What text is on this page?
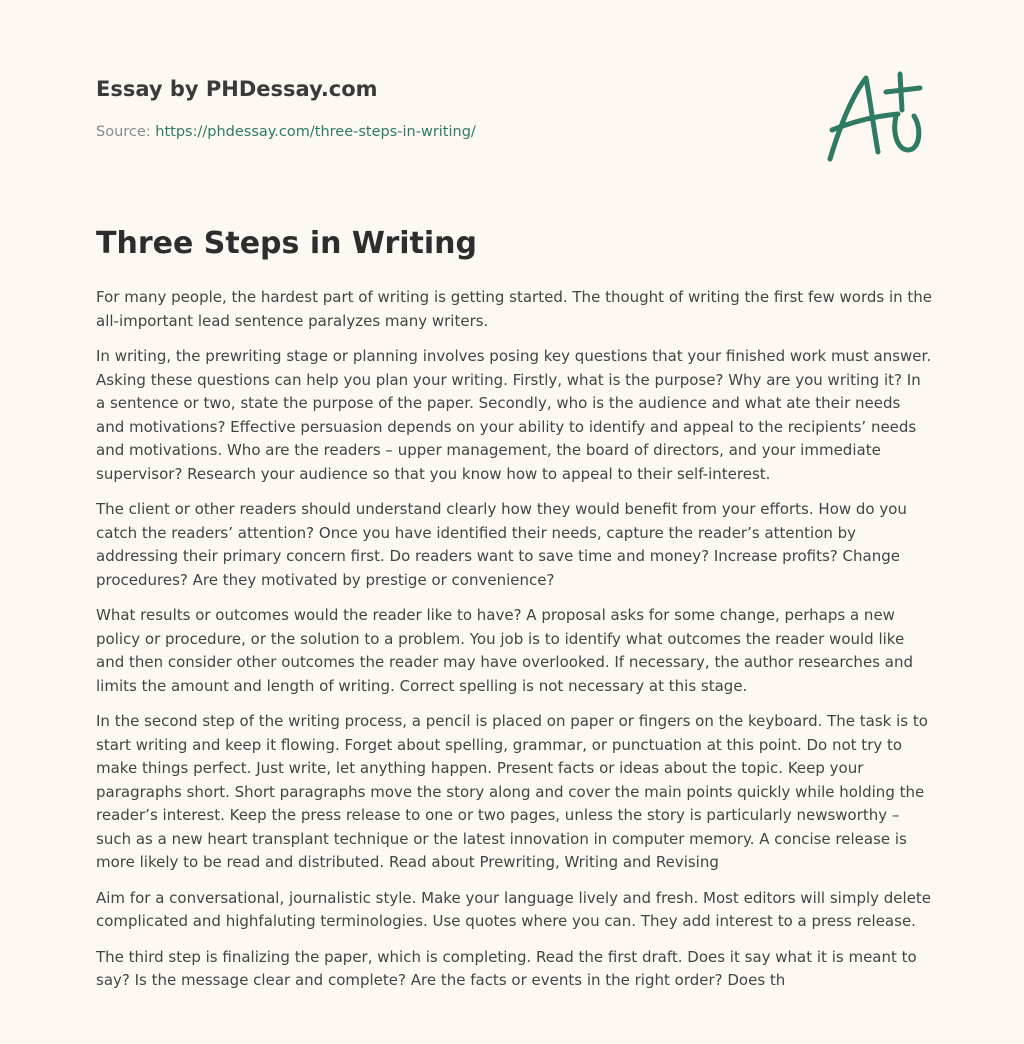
Essay by PHDessay.com
Source: https://phdessay.com/three-steps-in-writing/
Three Steps in Writing

For many people, the hardest part of writing is getting started. The thought of writing the first few words in the all-important lead sentence paralyzes many writers.

In writing, the prewriting stage or planning involves posing key questions that your finished work must answer. Asking these questions can help you plan your writing. Firstly, what is the purpose? Why are you writing it? In a sentence or two, state the purpose of the paper. Secondly, who is the audience and what ate their needs and motivations? Effective persuasion depends on your ability to identify and appeal to the recipients’ needs and motivations. Who are the readers – upper management, the board of directors, and your immediate supervisor? Research your audience so that you know how to appeal to their self-interest.

The client or other readers should understand clearly how they would benefit from your efforts. How do you catch the readers’ attention? Once you have identified their needs, capture the reader’s attention by addressing their primary concern first. Do readers want to save time and money? Increase profits? Change procedures? Are they motivated by prestige or convenience?

What results or outcomes would the reader like to have? A proposal asks for some change, perhaps a new policy or procedure, or the solution to a problem. You job is to identify what outcomes the reader would like and then consider other outcomes the reader may have overlooked. If necessary, the author researches and limits the amount and length of writing. Correct spelling is not necessary at this stage.

In the second step of the writing process, a pencil is placed on paper or fingers on the keyboard. The task is to start writing and keep it flowing. Forget about spelling, grammar, or punctuation at this point. Do not try to make things perfect. Just write, let anything happen. Present facts or ideas about the topic. Keep your paragraphs short. Short paragraphs move the story along and cover the main points quickly while holding the reader’s interest. Keep the press release to one or two pages, unless the story is particularly newsworthy – such as a new heart transplant technique or the latest innovation in computer memory. A concise release is more likely to be read and distributed. Read about Prewriting, Writing and Revising

Aim for a conversational, journalistic style. Make your language lively and fresh. Most editors will simply delete complicated and highfaluting terminologies. Use quotes where you can. They add interest to a press release.

The third step is finalizing the paper, which is completing. Read the first draft. Does it say what it is meant to say? Is the message clear and complete? Are the facts or events in the right order? Does th
